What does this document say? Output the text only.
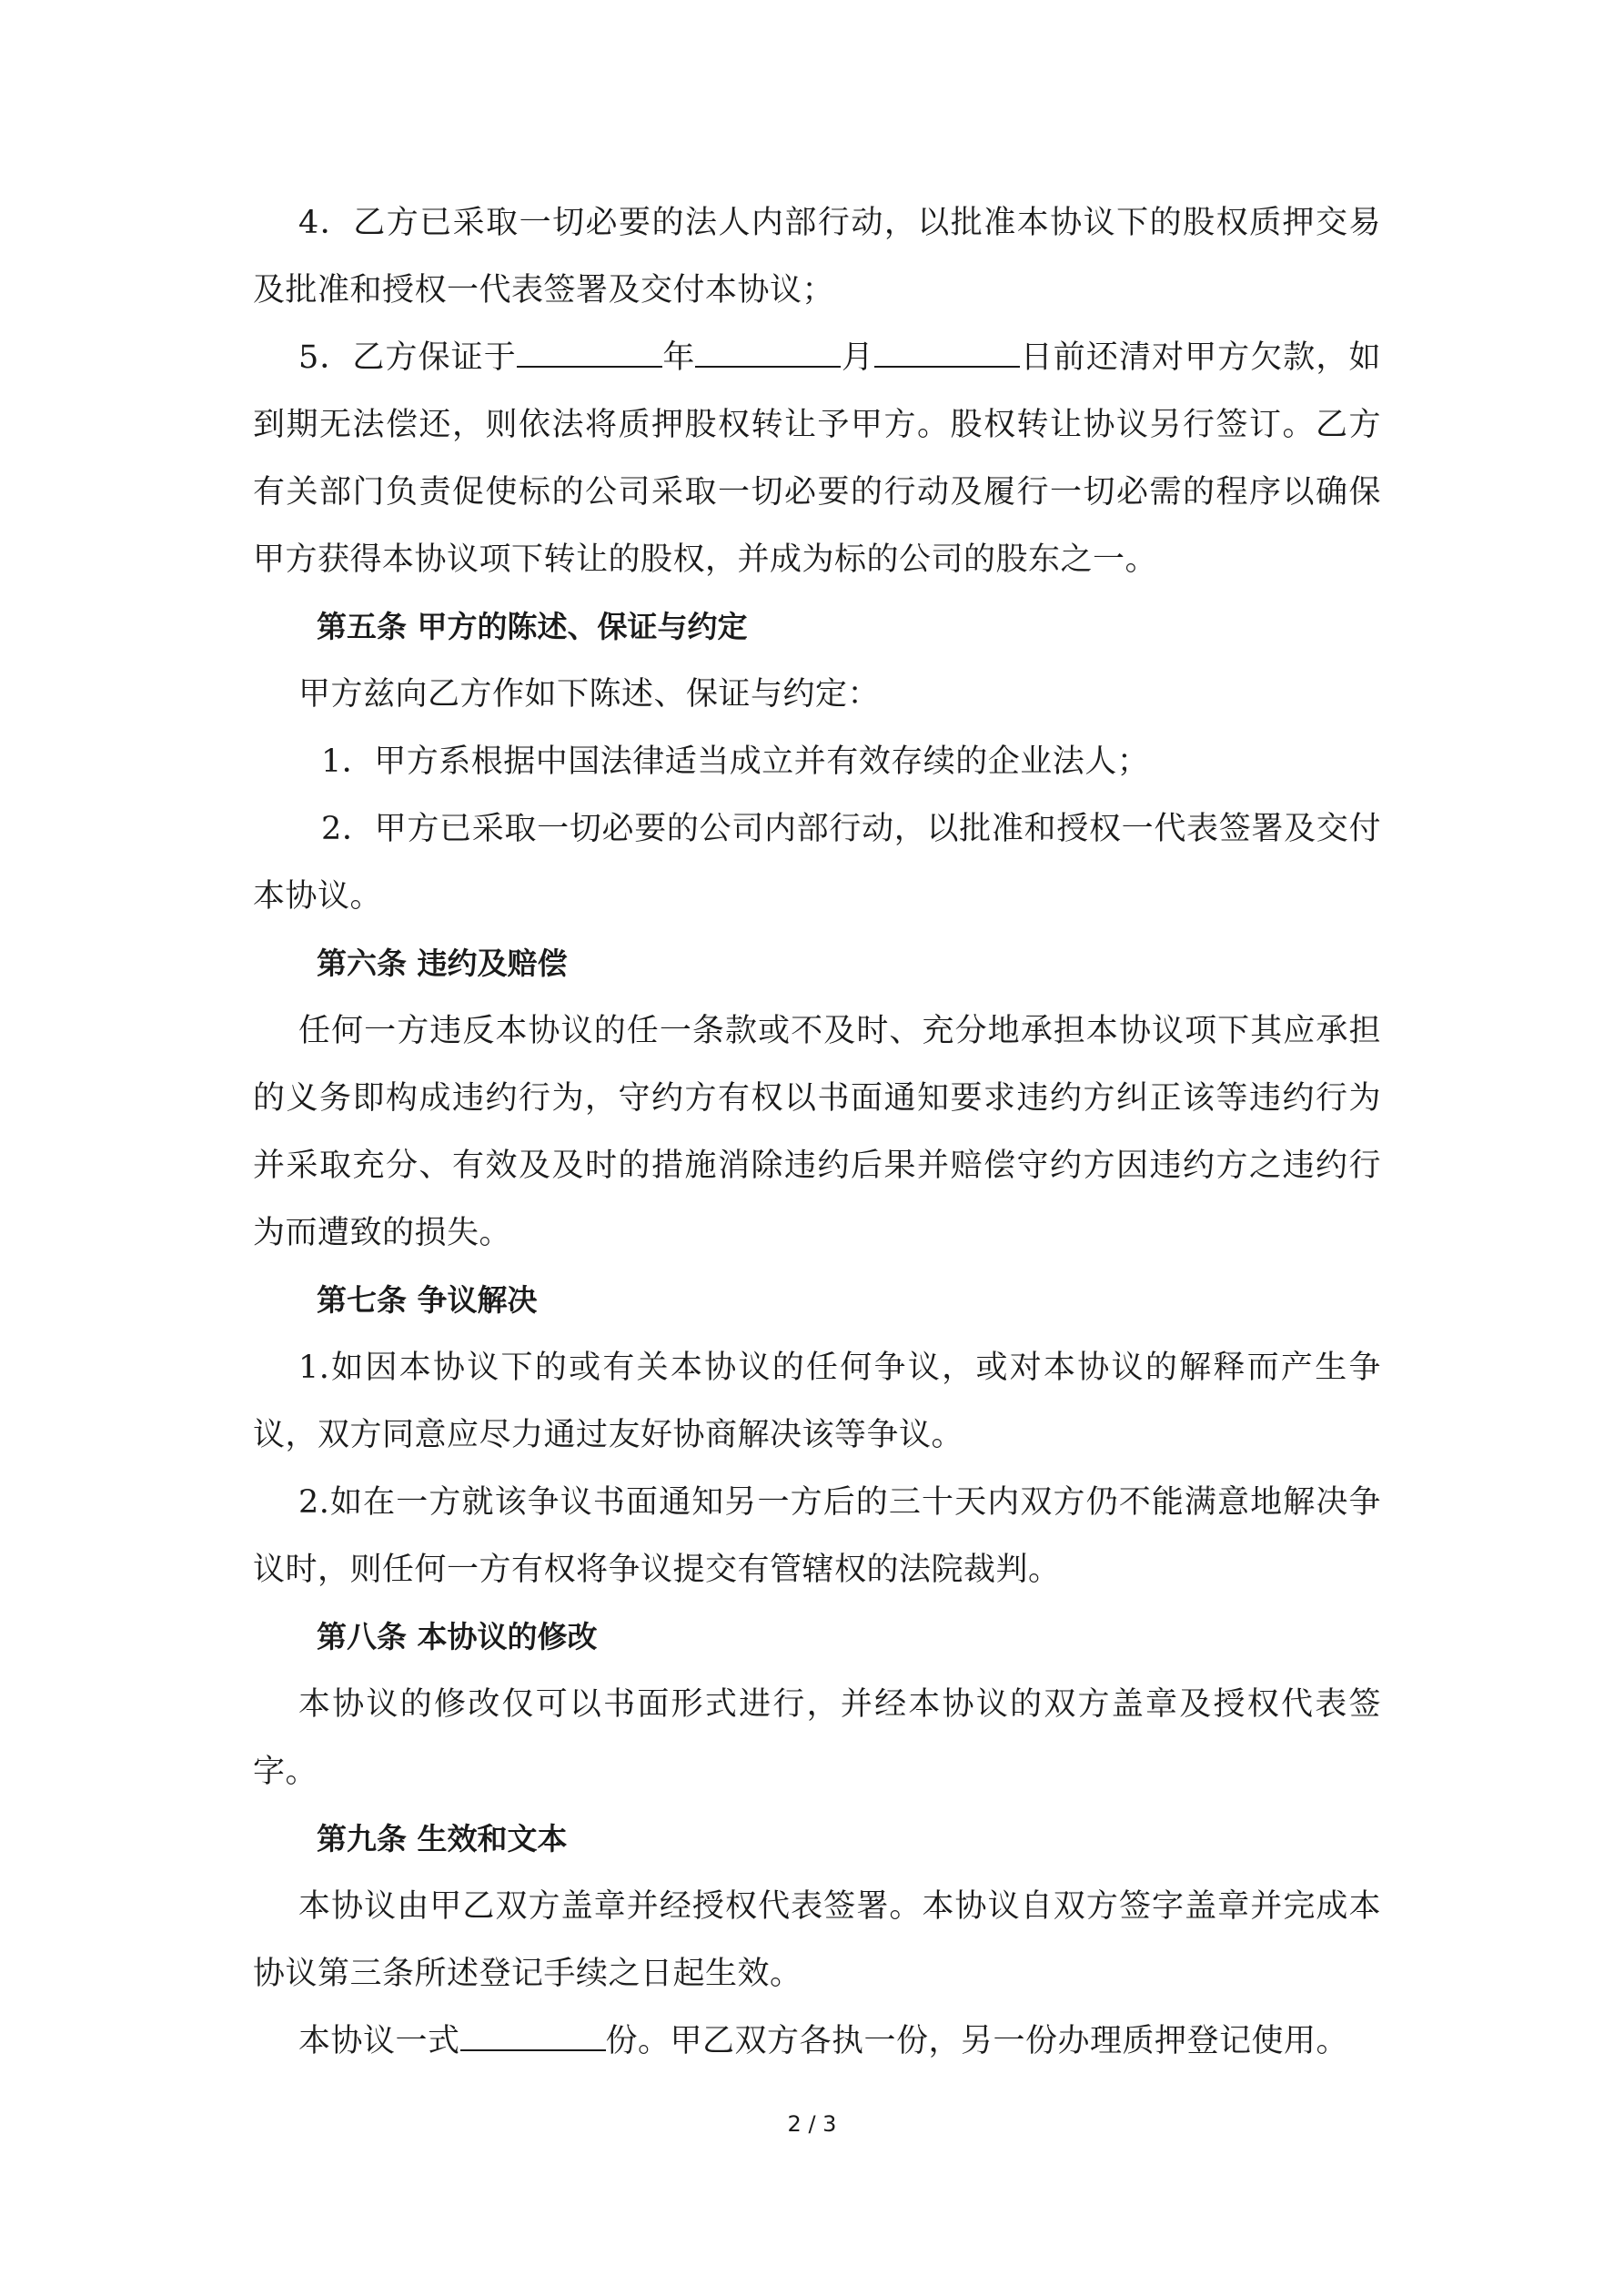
4．乙方已采取一切必要的法人内部行动，以批准本协议下的股权质押交易及批准和授权一代表签署及交付本协议；

5．乙方保证于	年	月	日前还清对甲方欠款，如到期无法偿还，则依法将质押股权转让予甲方。股权转让协议另行签订。乙方有关部门负责促使标的公司采取一切必要的行动及履行一切必需的程序以确保甲方获得本协议项下转让的股权，并成为标的公司的股东之一。

第五条 甲方的陈述、保证与约定

甲方兹向乙方作如下陈述、保证与约定：

1．甲方系根据中国法律适当成立并有效存续的企业法人；

2．甲方已采取一切必要的公司内部行动，以批准和授权一代表签署及交付本协议。

第六条 违约及赔偿

任何一方违反本协议的任一条款或不及时、充分地承担本协议项下其应承担的义务即构成违约行为，守约方有权以书面通知要求违约方纠正该等违约行为并采取充分、有效及及时的措施消除违约后果并赔偿守约方因违约方之违约行为而遭致的损失。

第七条 争议解决

1.如因本协议下的或有关本协议的任何争议，或对本协议的解释而产生争议，双方同意应尽力通过友好协商解决该等争议。

2.如在一方就该争议书面通知另一方后的三十天内双方仍不能满意地解决争议时，则任何一方有权将争议提交有管辖权的法院裁判。

第八条 本协议的修改

本协议的修改仅可以书面形式进行，并经本协议的双方盖章及授权代表签字。

第九条 生效和文本

本协议由甲乙双方盖章并经授权代表签署。本协议自双方签字盖章并完成本协议第三条所述登记手续之日起生效。

本协议一式	份。甲乙双方各执一份，另一份办理质押登记使用。

2 / 3
